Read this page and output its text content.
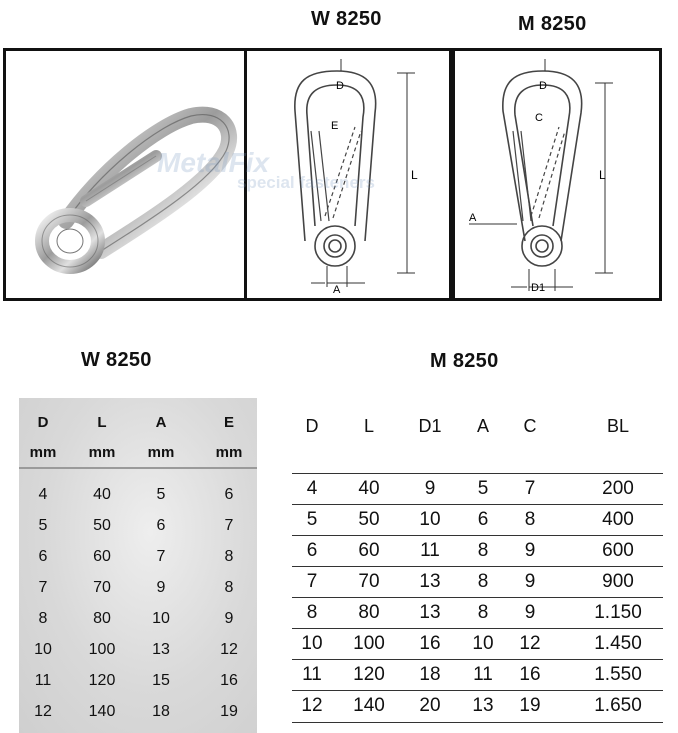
W 8250	M 8250
D
E
L
A
MetalFix
special fasteners
D
C
L
A
D1
W 8250	M 8250
D	L	A	E
mm	mm	mm	mm
4	40	5	6
5	50	6	7
6	60	7	8
7	70	9	8
8	80	10	9
10	100	13	12
11	120	15	16
12	140	18	19
D	L	D1	A	C	BL
4	40	9	5	7	200
5	50	10	6	8	400
6	60	11	8	9	600
7	70	13	8	9	900
8	80	13	8	9	1.150
10	100	16	10	12	1.450
11	120	18	11	16	1.550
12	140	20	13	19	1.650
